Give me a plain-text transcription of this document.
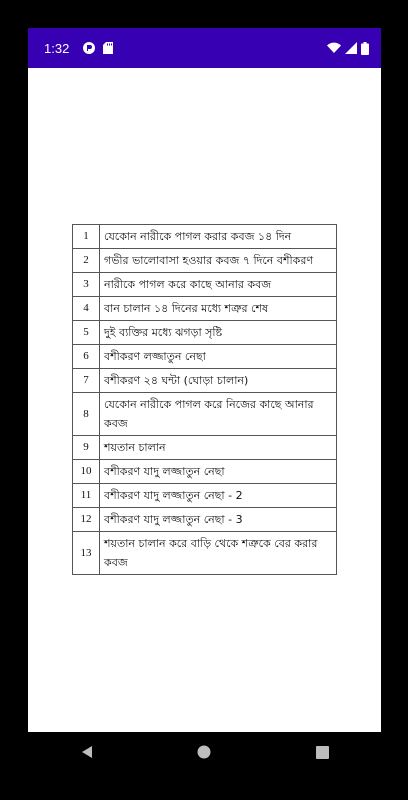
1:32
1	যেকোন নারীকে পাগল করার কবজ ১৪ দিন
2	গভীর ভালোবাসা হওয়ার কবজ ৭ দিনে বশীকরণ
3	নারীকে পাগল করে কাছে আনার কবজ
4	বান চালান ১৪ দিনের মধ্যে শত্রুর শেষ
5	দুই ব্যক্তির মধ্যে ঝগড়া সৃষ্টি
6	বশীকরণ লজ্জাতুন নেছা
7	বশীকরণ ২৪ ঘন্টা (ঘোড়া চালান)
8	যেকোন নারীকে পাগল করে নিজের কাছে আনার কবজ
9	শয়তান চালান
10	বশীকরণ যাদু লজ্জাতুন নেছা
11	বশীকরণ যাদু লজ্জাতুন নেছা - 2
12	বশীকরণ যাদু লজ্জাতুন নেছা - 3
13	শয়তান চালান করে বাড়ি থেকে শত্রুকে বের করার কবজ
